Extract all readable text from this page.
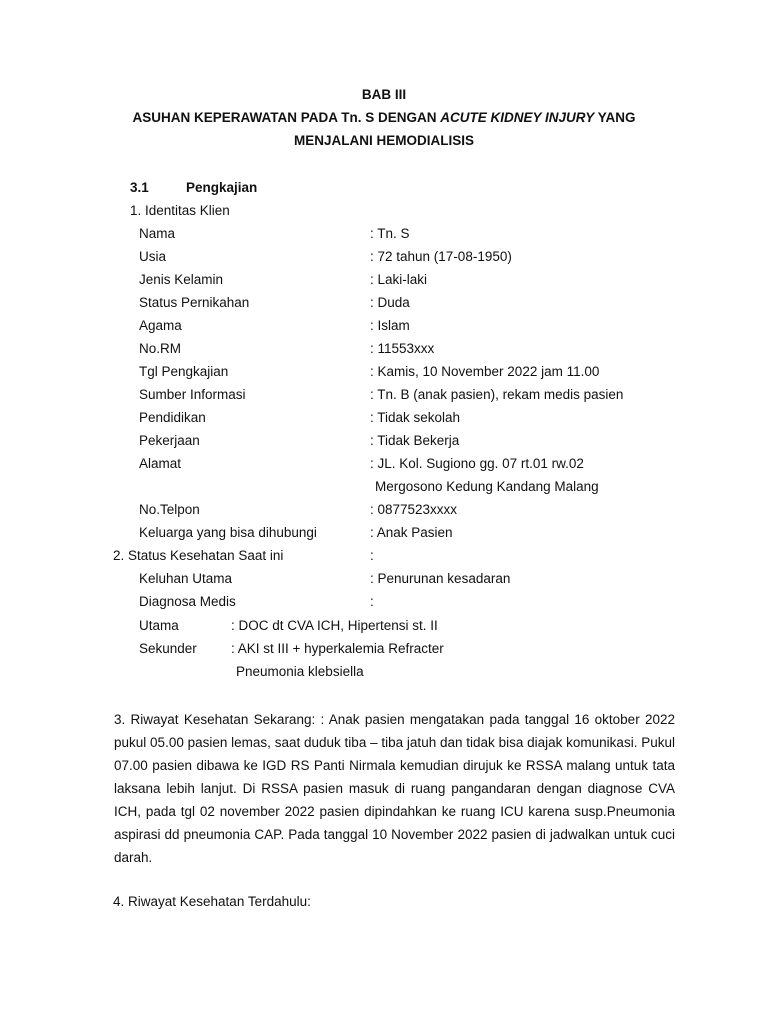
BAB III
ASUHAN KEPERAWATAN PADA Tn. S DENGAN ACUTE KIDNEY INJURY YANG
MENJALANI HEMODIALISIS
3.1	Pengkajian
1. Identitas Klien
Nama	: Tn. S
Usia	: 72 tahun (17-08-1950)
Jenis Kelamin	: Laki-laki
Status Pernikahan	: Duda
Agama	: Islam
No.RM	: 11553xxx
Tgl Pengkajian	: Kamis, 10 November 2022 jam 11.00
Sumber Informasi	: Tn. B (anak pasien), rekam medis pasien
Pendidikan	: Tidak sekolah
Pekerjaan	: Tidak Bekerja
Alamat	: JL. Kol. Sugiono gg. 07 rt.01 rw.02
Mergosono Kedung Kandang Malang
No.Telpon	: 0877523xxxx
Keluarga yang bisa dihubungi	: Anak Pasien
2. Status Kesehatan Saat ini	:
Keluhan Utama	: Penurunan kesadaran
Diagnosa Medis	:
Utama	: DOC dt CVA ICH, Hipertensi st. II
Sekunder	: AKI st III + hyperkalemia Refracter
Pneumonia klebsiella
3. Riwayat Kesehatan Sekarang: : Anak pasien mengatakan pada tanggal 16 oktober 2022 pukul 05.00 pasien lemas, saat duduk tiba – tiba jatuh dan tidak bisa diajak komunikasi. Pukul 07.00 pasien dibawa ke IGD RS Panti Nirmala kemudian dirujuk ke RSSA malang untuk tata laksana lebih lanjut. Di RSSA pasien masuk di ruang pangandaran dengan diagnose CVA ICH, pada tgl 02 november 2022 pasien dipindahkan ke ruang ICU karena susp.Pneumonia aspirasi dd pneumonia CAP. Pada tanggal 10 November 2022 pasien di jadwalkan untuk cuci darah.
4. Riwayat Kesehatan Terdahulu:
